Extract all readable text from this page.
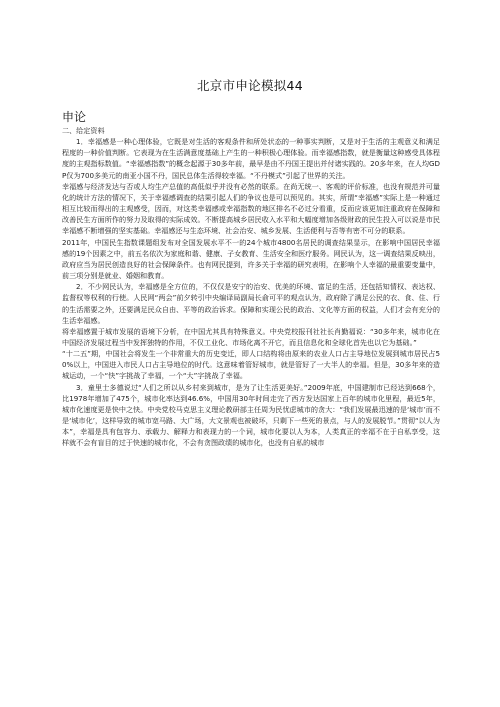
北京市申论模拟44
申论

二、给定资料

1．幸福感是一种心理体验，它既是对生活的客观条件和所处状态的一种事实判断，又是对于生活的主观意义和满足程度的一种价值判断。它表现为在生活满意度基础上产生的一种积极心理体验。而幸福感指数，就是衡量这种感受具体程度的主观指标数值。“幸福感指数”的概念起源于30多年前，最早是由不丹国王提出并付诸实践的。20多年来，在人均GDP仅为700多美元的南亚小国不丹，国民总体生活得较幸福。“不丹模式”引起了世界的关注。

幸福感与经济发达与否或人均生产总值的高低似乎并没有必然的联系。在尚无统一、客观的评价标准，也没有规范并可量化的统计方法的情况下，关于幸福感调查的结果引起人们的争议也是可以预见的。其实，所谓“幸福感”实际上是一种通过相互比较而得出的主观感受，因而，对这类幸福感或幸福指数的地区排名不必过分看重，反而应该更加注重政府在保障和改善民生方面所作的努力及取得的实际成效。不断提高城乡居民收入水平和大幅度增加各级财政的民生投入可以说是市民幸福感不断增强的坚实基础。幸福感还与生态环境、社会治安、城乡发展、生活便利与否等有密不可分的联系。

2011年，中国民生指数课题组发布对全国发展水平不一的24个城市4800名居民的调查结果显示，在影响中国居民幸福感的19个因素之中，前五名依次为家庭和谐、健康、子女教育、生活安全和医疗服务。网民认为，这一调查结果反映出，政府应当为居民创造良好的社会保障条件。也有网民提到，许多关于幸福的研究表明，在影响个人幸福的最重要变量中，前三项分别是就业、婚姻和教育。

2．不少网民认为，幸福感是全方位的，不仅仅是安宁的治安、优美的环境、富足的生活，还包括知情权、表达权、监督权等权利的行使。人民网“两会”前夕转引中央编译局副局长俞可平的观点认为，政府除了满足公民的衣、食、住、行的生活需要之外，还要满足民众自由、平等的政治诉求。保障和实现公民的政治、文化等方面的权益，人们才会有充分的生活幸福感。

将幸福感置于城市发展的语境下分析，在中国尤其具有特殊意义。中央党校报刊社社长肖勤福说：“30多年来，城市化在中国经济发展过程当中发挥独特的作用，不仅工业化、市场化离不开它，而且信息化和全球化首先也以它为基础。”

“十二五”期，中国社会将发生一个非常重大的历史变迁，即人口结构将由原来的农业人口占主导地位发展到城市居民占50%以上，中国进入市民人口占主导地位的时代。这意味着管好城市，就是管好了一大半人的幸福。但是，30多年来的造城运动，一个“快”字挑战了幸福，一个“大”字挑战了幸福。

3．童里士多德说过“人们之所以从乡村来到城市，是为了让生活更美好。”2009年底，中国建制市已经达到668个，比1978年增加了475个，城市化率达到46.6%，中国用30年时间走完了西方发达国家上百年的城市化里程，最近5年，城市化速度更是快中之快。中央党校马克思主义理论教研部主任周为民忧虑城市的贪大：“我们发展最迅速的是‘城市’而不是‘城市化’，这样导致的城市宽马路、大广场，大文景观也被破坏，只剩下一些死的景点，与人的发展脱节。”贯彻“以人为本”，幸福是具有包容力、承载力、解释力和表现力的一个词，城市化要以人为本，人类真正的幸福不在于自私享受，这样就不会有盲目的过于快速的城市化，不会有贪图政绩的城市化，也没有自私的城市
